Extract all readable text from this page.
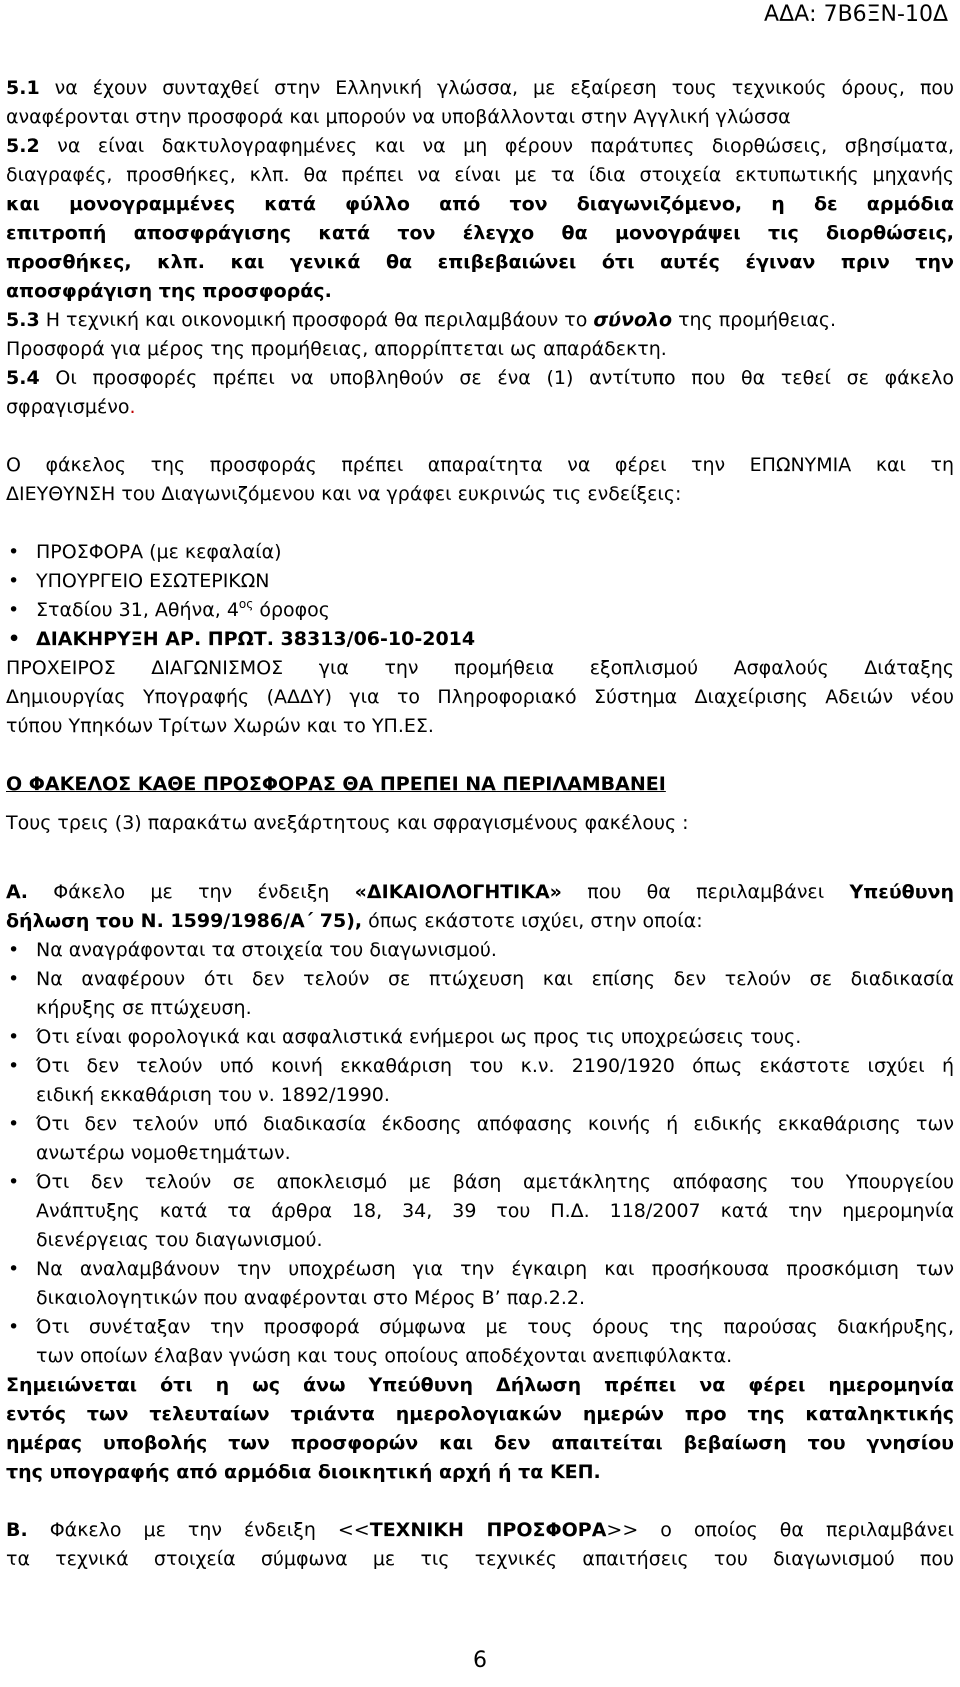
ΑΔΑ: 7Β6ΞΝ-10Δ
5.1 να έχουν συνταχθεί στην Ελληνική γλώσσα, με εξαίρεση τους τεχνικούς όρους, που
αναφέρονται στην προσφορά και μπορούν να υποβάλλονται στην Αγγλική γλώσσα
5.2 να είναι δακτυλογραφημένες και να μη φέρουν παράτυπες διορθώσεις, σβησίματα,
διαγραφές, προσθήκες, κλπ. θα πρέπει να είναι με τα ίδια στοιχεία εκτυπωτικής μηχανής
και μονογραμμένες κατά φύλλο από τον διαγωνιζόμενο, η δε αρμόδια
επιτροπή αποσφράγισης κατά τον έλεγχο θα μονογράψει τις διορθώσεις,
προσθήκες, κλπ. και γενικά θα επιβεβαιώνει ότι αυτές έγιναν πριν την
αποσφράγιση της προσφοράς.
5.3 Η τεχνική και οικονομική προσφορά θα περιλαμβάουν το σύνολο της προμήθειας.
Προσφορά για μέρος της προμήθειας, απορρίπτεται ως απαράδεκτη.
5.4 Οι προσφορές πρέπει να υποβληθούν σε ένα (1) αντίτυπο που θα τεθεί σε φάκελο
σφραγισμένο.
Ο φάκελος της προσφοράς πρέπει απαραίτητα να φέρει την ΕΠΩΝΥΜΙΑ και τη
ΔΙΕΥΘΥΝΣΗ του Διαγωνιζόμενου και να γράφει ευκρινώς τις ενδείξεις:
• ΠΡΟΣΦΟΡΑ (με κεφαλαία)
• ΥΠΟΥΡΓΕΙΟ ΕΣΩΤΕΡΙΚΩΝ
• Σταδίου 31, Αθήνα, $4^{o\varsigma}$ όροφος
• ΔΙΑΚΗΡΥΞΗ ΑΡ. ΠΡΩΤ. 38313/06-10-2014
ΠΡΟΧΕΙΡΟΣ ΔΙΑΓΩΝΙΣΜΟΣ για την προμήθεια εξοπλισμού Ασφαλούς Διάταξης
Δημιουργίας Υπογραφής (ΑΔΔΥ) για το Πληροφοριακό Σύστημα Διαχείρισης Αδειών νέου
τύπου Υπηκόων Τρίτων Χωρών και το ΥΠ.ΕΣ.
Ο ΦΑΚΕΛΟΣ ΚΑΘΕ ΠΡΟΣΦΟΡΑΣ ΘΑ ΠΡΕΠΕΙ ΝΑ ΠΕΡΙΛΑΜΒΑΝΕΙ
Τους τρεις (3) παρακάτω ανεξάρτητους και σφραγισμένους φακέλους :
Α. Φάκελο με την ένδειξη «ΔΙΚΑΙΟΛΟΓΗΤΙΚΑ» που θα περιλαμβάνει Υπεύθυνη
δήλωση του Ν. 1599/1986/Α΄ 75), όπως εκάστοτε ισχύει, στην οποία:
• Να αναγράφονται τα στοιχεία του διαγωνισμού.
• Να αναφέρουν ότι δεν τελούν σε πτώχευση και επίσης δεν τελούν σε διαδικασία
κήρυξης σε πτώχευση.
• Ότι είναι φορολογικά και ασφαλιστικά ενήμεροι ως προς τις υποχρεώσεις τους.
• Ότι δεν τελούν υπό κοινή εκκαθάριση του κ.ν. 2190/1920 όπως εκάστοτε ισχύει ή
ειδική εκκαθάριση του ν. 1892/1990.
• Ότι δεν τελούν υπό διαδικασία έκδοσης απόφασης κοινής ή ειδικής εκκαθάρισης των
ανωτέρω νομοθετημάτων.
• Ότι δεν τελούν σε αποκλεισμό με βάση αμετάκλητης απόφασης του Υπουργείου
Ανάπτυξης κατά τα άρθρα 18, 34, 39 του Π.Δ. 118/2007 κατά την ημερομηνία
διενέργειας του διαγωνισμού.
• Να αναλαμβάνουν την υποχρέωση για την έγκαιρη και προσήκουσα προσκόμιση των
δικαιολογητικών που αναφέρονται στο Μέρος Β’ παρ.2.2.
• Ότι συνέταξαν την προσφορά σύμφωνα με τους όρους της παρούσας διακήρυξης,
των οποίων έλαβαν γνώση και τους οποίους αποδέχονται ανεπιφύλακτα.
Σημειώνεται ότι η ως άνω Υπεύθυνη Δήλωση πρέπει να φέρει ημερομηνία
εντός των τελευταίων τριάντα ημερολογιακών ημερών προ της καταληκτικής
ημέρας υποβολής των προσφορών και δεν απαιτείται βεβαίωση του γνησίου
της υπογραφής από αρμόδια διοικητική αρχή ή τα ΚΕΠ.
Β. Φάκελο με την ένδειξη <<ΤΕΧΝΙΚΗ ΠΡΟΣΦΟΡΑ>> ο οποίος θα περιλαμβάνει
τα τεχνικά στοιχεία σύμφωνα με τις τεχνικές απαιτήσεις του διαγωνισμού που
6
